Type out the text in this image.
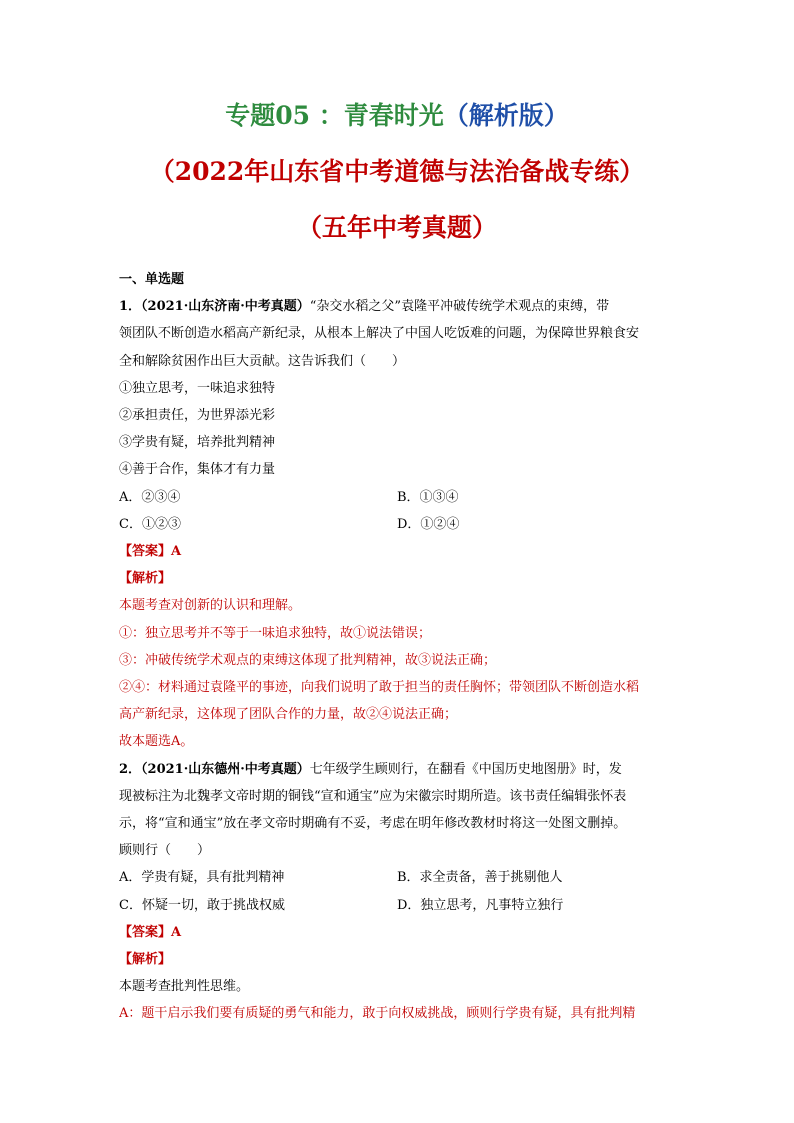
专题05 ：青春时光（解析版）
（2022年山东省中考道德与法治备战专练）
（五年中考真题）
一、单选题
1．（2021·山东济南·中考真题）“杂交水稻之父”袁隆平冲破传统学术观点的束缚，带
领团队不断创造水稻高产新纪录，从根本上解决了中国人吃饭难的问题，为保障世界粮食安
全和解除贫困作出巨大贡献。这告诉我们（　　）
①独立思考，一味追求独特
②承担责任，为世界添光彩
③学贵有疑，培养批判精神
④善于合作，集体才有力量
A．②③④	B．①③④
C．①②③	D．①②④
【答案】A
【解析】
本题考查对创新的认识和理解。
①：独立思考并不等于一味追求独特，故①说法错误；
③：冲破传统学术观点的束缚这体现了批判精神，故③说法正确；
②④：材料通过袁隆平的事迹，向我们说明了敢于担当的责任胸怀；带领团队不断创造水稻
高产新纪录，这体现了团队合作的力量，故②④说法正确；
故本题选A。
2．（2021·山东德州·中考真题）七年级学生顾则行，在翻看《中国历史地图册》时，发
现被标注为北魏孝文帝时期的铜钱“宣和通宝”应为宋徽宗时期所造。该书责任编辑张怀表
示，将“宣和通宝”放在孝文帝时期确有不妥，考虑在明年修改教材时将这一处图文删掉。
顾则行（　　）
A．学贵有疑，具有批判精神	B．求全责备，善于挑剔他人
C．怀疑一切，敢于挑战权威	D．独立思考，凡事特立独行
【答案】A
【解析】
本题考查批判性思维。
A：题干启示我们要有质疑的勇气和能力，敢于向权威挑战，顾则行学贵有疑，具有批判精
